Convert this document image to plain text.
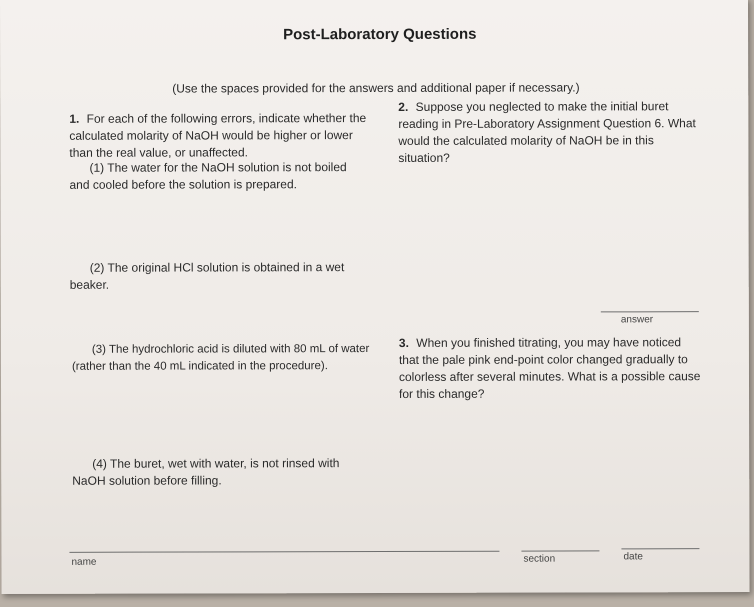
Post-Laboratory Questions
(Use the spaces provided for the answers and additional paper if necessary.)
1. For each of the following errors, indicate whether the calculated molarity of NaOH would be higher or lower than the real value, or unaffected.
(1) The water for the NaOH solution is not boiled and cooled before the solution is prepared.
(2) The original HCl solution is obtained in a wet beaker.
(3) The hydrochloric acid is diluted with 80 mL of water (rather than the 40 mL indicated in the procedure).
(4) The buret, wet with water, is not rinsed with NaOH solution before filling.
2. Suppose you neglected to make the initial buret reading in Pre-Laboratory Assignment Question 6. What would the calculated molarity of NaOH be in this situation?
answer
3. When you finished titrating, you may have noticed that the pale pink end-point color changed gradually to colorless after several minutes. What is a possible cause for this change?
name	section	date
